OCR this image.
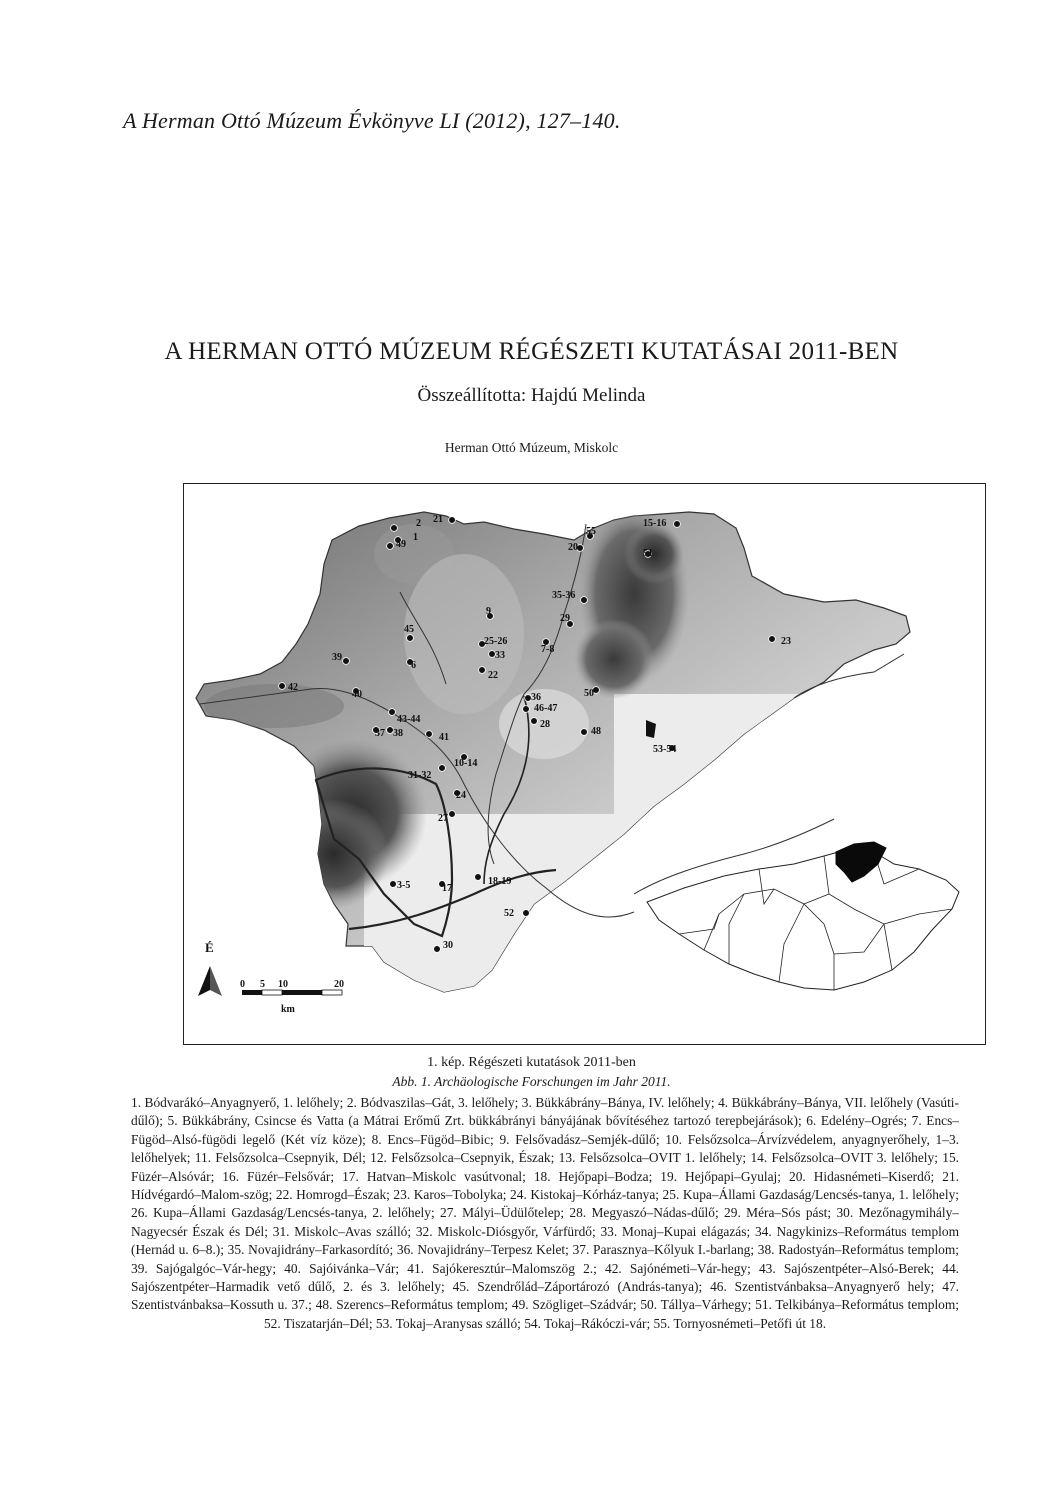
A Herman Ottó Múzeum Évkönyve LI (2012), 127–140.
A HERMAN OTTÓ MÚZEUM RÉGÉSZETI KUTATÁSAI 2011-BEN
Összeállította: Hajdú Melinda
Herman Ottó Múzeum, Miskolc
É
0 5 10	20
km
2
1
49
21
55
20
15-16
51
35-36
29
9
25-26
33
7-8
22
45
6
39
42
40
23
36
46-47
28
50
48
43-44
37 38	41
53-54
10-14
31-32
24
27
18-19
3-5	17
52
30
1. kép. Régészeti kutatások 2011-ben
Abb. 1. Archäologische Forschungen im Jahr 2011.
1. Bódvarákó–Anyagnyerő, 1. lelőhely; 2. Bódvaszilas–Gát, 3. lelőhely; 3. Bükkábrány–Bánya, IV. lelőhely; 4. Bükkábrány–Bánya, VII. lelőhely (Vasúti-dűlő); 5. Bükkábrány, Csincse és Vatta (a Mátrai Erőmű Zrt. bükkábrányi bányájának bővítéséhez tartozó terepbejárások); 6. Edelény–Ogrés; 7. Encs–Fügöd–Alsó-fügödi legelő (Két víz köze); 8. Encs–Fügöd–Bibic; 9. Felsővadász–Semjék-dűlő; 10. Felsőzsolca–Árvízvédelem, anyagnyerőhely, 1–3. lelőhelyek; 11. Felsőzsolca–Csepnyik, Dél; 12. Felsőzsolca–Csepnyik, Észak; 13. Felsőzsolca–OVIT 1. lelőhely; 14. Felsőzsolca–OVIT 3. lelőhely; 15. Füzér–Alsóvár; 16. Füzér–Felsővár; 17. Hatvan–Miskolc vasútvonal; 18. Hejőpapi–Bodza; 19. Hejőpapi–Gyulaj; 20. Hidasnémeti–Kiserdő; 21. Hídvégardó–Malom-szög; 22. Homrogd–Észak; 23. Karos–Tobolyka; 24. Kistokaj–Kórház-tanya; 25. Kupa–Állami Gazdaság/Lencsés-tanya, 1. lelőhely; 26. Kupa–Állami Gazdaság/Lencsés-tanya, 2. lelőhely; 27. Mályi–Üdülőtelep; 28. Megyaszó–Nádas-dűlő; 29. Méra–Sós pást; 30. Mezőnagymihály–Nagyecsér Észak és Dél; 31. Miskolc–Avas szálló; 32. Miskolc-Diósgyőr, Várfürdő; 33. Monaj–Kupai elágazás; 34. Nagykinizs–Református templom (Hernád u. 6–8.); 35. Novajidrány–Farkasordító; 36. Novajidrány–Terpesz Kelet; 37. Parasznya–Kőlyuk I.-barlang; 38. Radostyán–Református templom; 39. Sajógalgóc–Vár-hegy; 40. Sajóivánka–Vár; 41. Sajókeresztúr–Malomszög 2.; 42. Sajónémeti–Vár-hegy; 43. Sajószentpéter–Alsó-Berek; 44. Sajószentpéter–Harmadik vető dűlő, 2. és 3. lelőhely; 45. Szendrőlád–Záportározó (András-tanya); 46. Szentistvánbaksa–Anyagnyerő hely; 47. Szentistvánbaksa–Kossuth u. 37.; 48. Szerencs–Református templom; 49. Szögliget–Szádvár; 50. Tállya–Várhegy; 51. Telkibánya–Református templom; 52. Tiszatarján–Dél; 53. Tokaj–Aranysas szálló; 54. Tokaj–Rákóczi-vár; 55. Tornyosnémeti–Petőfi út 18.
